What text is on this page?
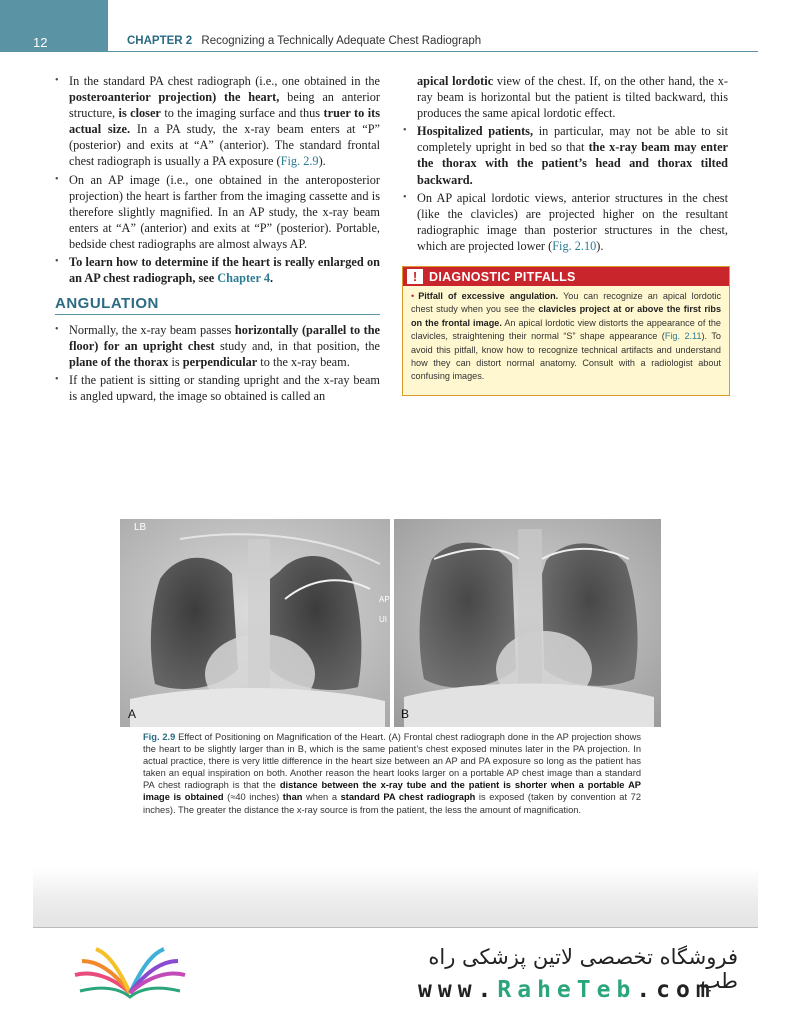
12	CHAPTER 2 Recognizing a Technically Adequate Chest Radiograph
• In the standard PA chest radiograph (i.e., one obtained in the posteroanterior projection) the heart, being an anterior structure, is closer to the imaging surface and thus truer to its actual size. In a PA study, the x-ray beam enters at “P” (posterior) and exits at “A” (anterior). The standard frontal chest radiograph is usually a PA exposure (Fig. 2.9).
• On an AP image (i.e., one obtained in the anteroposterior projection) the heart is farther from the imaging cassette and is therefore slightly magnified. In an AP study, the x-ray beam enters at “A” (anterior) and exits at “P” (posterior). Portable, bedside chest radiographs are almost always AP.
• To learn how to determine if the heart is really enlarged on an AP chest radiograph, see Chapter 4.
ANGULATION
• Normally, the x-ray beam passes horizontally (parallel to the floor) for an upright chest study and, in that position, the plane of the thorax is perpendicular to the x-ray beam.
• If the patient is sitting or standing upright and the x-ray beam is angled upward, the image so obtained is called an
apical lordotic view of the chest. If, on the other hand, the x-ray beam is horizontal but the patient is tilted backward, this produces the same apical lordotic effect.
• Hospitalized patients, in particular, may not be able to sit completely upright in bed so that the x-ray beam may enter the thorax with the patient’s head and thorax tilted backward.
• On AP apical lordotic views, anterior structures in the chest (like the clavicles) are projected higher on the resultant radiographic image than posterior structures in the chest, which are projected lower (Fig. 2.10).
! DIAGNOSTIC PITFALLS
• Pitfall of excessive angulation. You can recognize an apical lordotic chest study when you see the clavicles project at or above the first ribs on the frontal image. An apical lordotic view distorts the appearance of the clavicles, straightening their normal “S” shape appearance (Fig. 2.11). To avoid this pitfall, know how to recognize technical artifacts and understand how they can distort normal anatomy. Consult with a radiologist about confusing images.
LB
AP
UI
A	B
Fig. 2.9 Effect of Positioning on Magnification of the Heart. (A) Frontal chest radiograph done in the AP projection shows the heart to be slightly larger than in B, which is the same patient’s chest exposed minutes later in the PA projection. In actual practice, there is very little difference in the heart size between an AP and PA exposure so long as the patient has taken an equal inspiration on both. Another reason the heart looks larger on a portable AP chest image than a standard PA chest radiograph is that the distance between the x-ray tube and the patient is shorter when a portable AP image is obtained (≈40 inches) than when a standard PA chest radiograph is exposed (taken by convention at 72 inches). The greater the distance the x-ray source is from the patient, the less the amount of magnification.
فروشگاه تخصصی لاتین پزشکی راه طب
www.RaheTeb.com
